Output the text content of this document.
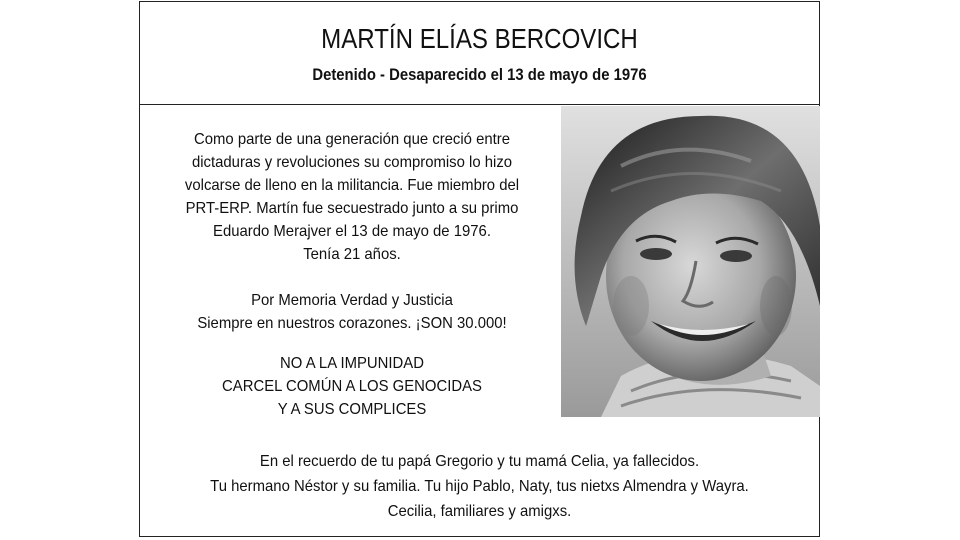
MARTÍN ELÍAS BERCOVICH
Detenido - Desaparecido el 13 de mayo de 1976
Como parte de una generación que creció entre
dictaduras y revoluciones su compromiso lo hizo
volcarse de lleno en la militancia. Fue miembro del
PRT-ERP. Martín fue secuestrado junto a su primo
Eduardo Merajver el 13 de mayo de 1976.
Tenía 21 años.
Por Memoria Verdad y Justicia
Siempre en nuestros corazones. ¡SON 30.000!
NO A LA IMPUNIDAD
CARCEL COMÚN A LOS GENOCIDAS
Y A SUS COMPLICES
En el recuerdo de tu papá Gregorio y tu mamá Celia, ya fallecidos.
Tu hermano Néstor y su familia. Tu hijo Pablo, Naty, tus nietxs Almendra y Wayra.
Cecilia, familiares y amigxs.
